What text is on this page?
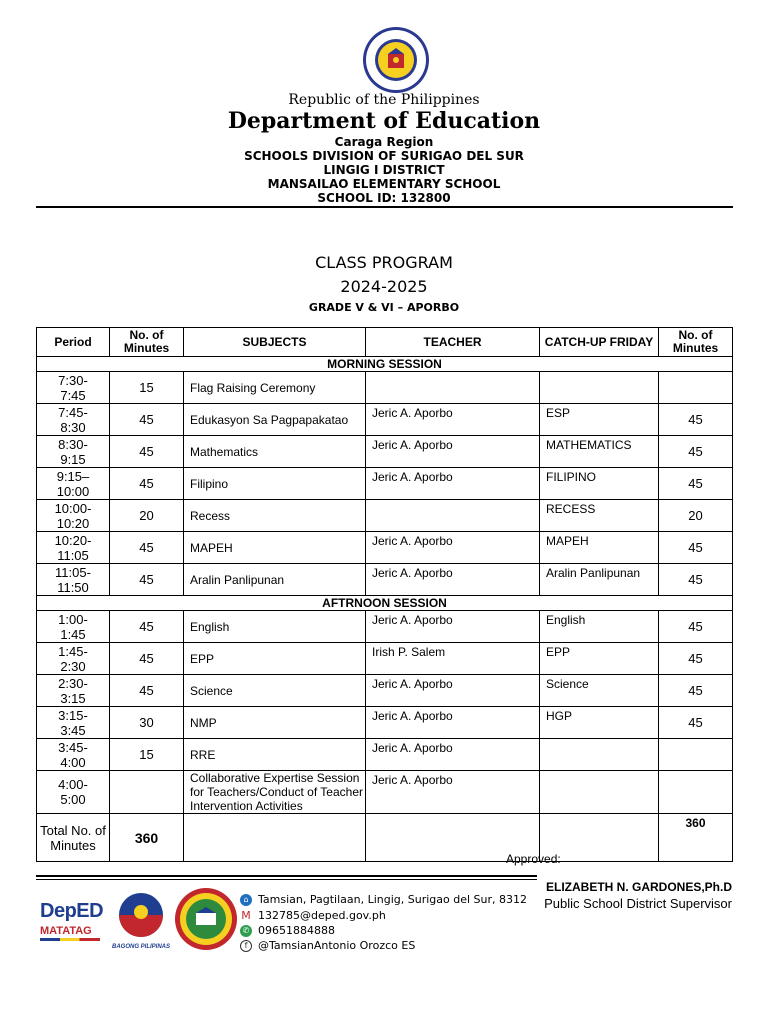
Republic of the Philippines
Department of Education
Caraga Region
SCHOOLS DIVISION OF SURIGAO DEL SUR
LINGIG I DISTRICT
MANSAILAO ELEMENTARY SCHOOL
SCHOOL ID: 132800
CLASS PROGRAM
2024-2025
GRADE V & VI – APORBO
Period	No. of Minutes	SUBJECTS	TEACHER	CATCH-UP FRIDAY	No. of Minutes
MORNING SESSION					
7:30-
7:45	15	Flag Raising Ceremony			
7:45-
8:30	45	Edukasyon Sa Pagpapakatao	Jeric A. Aporbo	ESP	45
8:30-
9:15	45	Mathematics	Jeric A. Aporbo	MATHEMATICS	45
9:15–
10:00	45	Filipino	Jeric A. Aporbo	FILIPINO	45
10:00-
10:20	20	Recess		RECESS	20
10:20-
11:05	45	MAPEH	Jeric A. Aporbo	MAPEH	45
11:05-
11:50	45	Aralin Panlipunan	Jeric A. Aporbo	Aralin Panlipunan	45
AFTRNOON SESSION					
1:00-
1:45	45	English	Jeric A. Aporbo	English	45
1:45-
2:30	45	EPP	Irish P. Salem	EPP	45
2:30-
3:15	45	Science	Jeric A. Aporbo	Science	45
3:15-
3:45	30	NMP	Jeric A. Aporbo	HGP	45
3:45-
4:00	15	RRE	Jeric A. Aporbo		
4:00-
5:00		Collaborative Expertise Session for Teachers/Conduct of Teacher Intervention Activities	Jeric A. Aporbo		
Total No. of Minutes	360				360
Approved:
ELIZABETH N. GARDONES,Ph.D
Public School District Supervisor
DepED
MATATAG
BAGONG PILIPINAS
⌂ Tamsian, Pagtilaan, Lingig, Surigao del Sur, 8312
M 132785@deped.gov.ph
✆ 09651884888
f @TamsianAntonio Orozco ES
